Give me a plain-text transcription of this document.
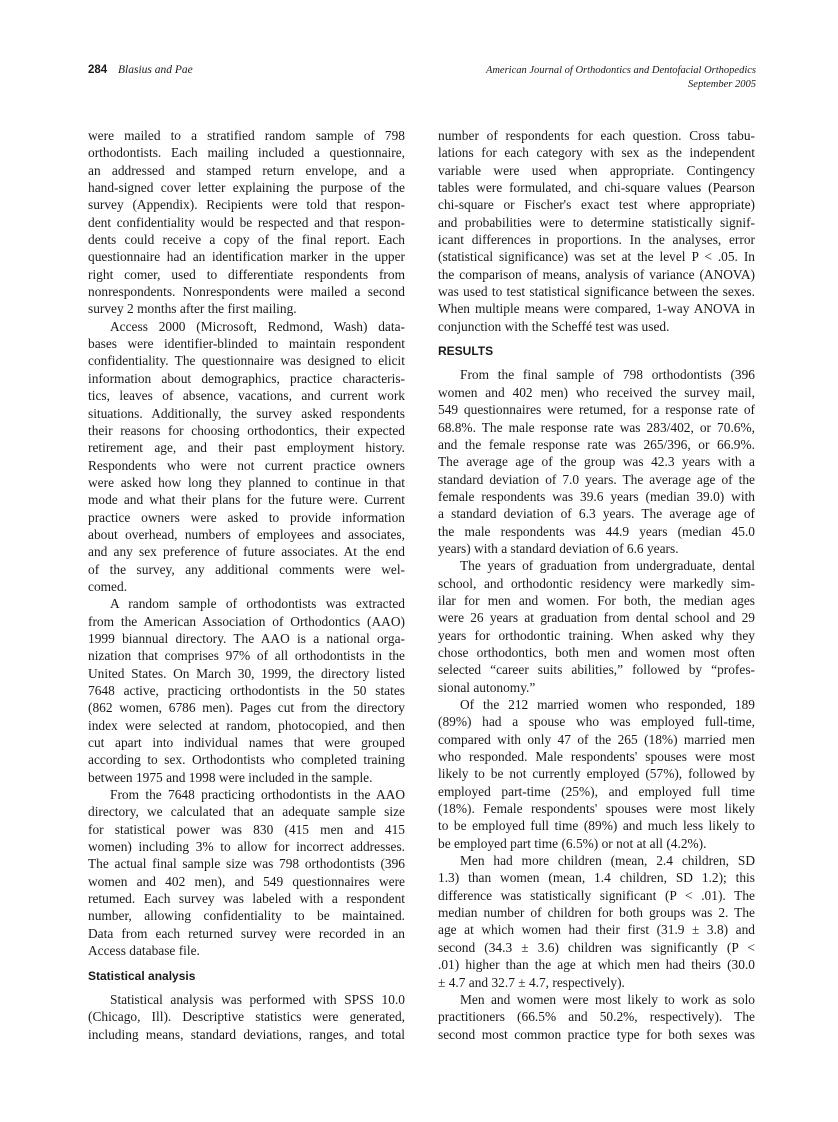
284 Blasius and Pae	American Journal of Orthodontics and Dentofacial Orthopedics
September 2005
were mailed to a stratified random sample of 798
orthodontists. Each mailing included a questionnaire,
an addressed and stamped return envelope, and a
hand-signed cover letter explaining the purpose of the
survey (Appendix). Recipients were told that respon-
dent confidentiality would be respected and that respon-
dents could receive a copy of the final report. Each
questionnaire had an identification marker in the upper
right comer, used to differentiate respondents from
nonrespondents. Nonrespondents were mailed a second
survey 2 months after the first mailing.
Access 2000 (Microsoft, Redmond, Wash) data-
bases were identifier-blinded to maintain respondent
confidentiality. The questionnaire was designed to elicit
information about demographics, practice characteris-
tics, leaves of absence, vacations, and current work
situations. Additionally, the survey asked respondents
their reasons for choosing orthodontics, their expected
retirement age, and their past employment history.
Respondents who were not current practice owners
were asked how long they planned to continue in that
mode and what their plans for the future were. Current
practice owners were asked to provide information
about overhead, numbers of employees and associates,
and any sex preference of future associates. At the end
of the survey, any additional comments were wel-
comed.
A random sample of orthodontists was extracted
from the American Association of Orthodontics (AAO)
1999 biannual directory. The AAO is a national orga-
nization that comprises 97% of all orthodontists in the
United States. On March 30, 1999, the directory listed
7648 active, practicing orthodontists in the 50 states
(862 women, 6786 men). Pages cut from the directory
index were selected at random, photocopied, and then
cut apart into individual names that were grouped
according to sex. Orthodontists who completed training
between 1975 and 1998 were included in the sample.
From the 7648 practicing orthodontists in the AAO
directory, we calculated that an adequate sample size
for statistical power was 830 (415 men and 415
women) including 3% to allow for incorrect addresses.
The actual final sample size was 798 orthodontists (396
women and 402 men), and 549 questionnaires were
retumed. Each survey was labeled with a respondent
number, allowing confidentiality to be maintained.
Data from each returned survey were recorded in an
Access database file.
Statistical analysis
Statistical analysis was performed with SPSS 10.0
(Chicago, Ill). Descriptive statistics were generated,
including means, standard deviations, ranges, and total
number of respondents for each question. Cross tabu-
lations for each category with sex as the independent
variable were used when appropriate. Contingency
tables were formulated, and chi-square values (Pearson
chi-square or Fischer's exact test where appropriate)
and probabilities were to determine statistically signif-
icant differences in proportions. In the analyses, error
(statistical significance) was set at the level P < .05. In
the comparison of means, analysis of variance (ANOVA)
was used to test statistical significance between the sexes.
When multiple means were compared, 1-way ANOVA in
conjunction with the Scheffé test was used.
RESULTS
From the final sample of 798 orthodontists (396
women and 402 men) who received the survey mail,
549 questionnaires were retumed, for a response rate of
68.8%. The male response rate was 283/402, or 70.6%,
and the female response rate was 265/396, or 66.9%.
The average age of the group was 42.3 years with a
standard deviation of 7.0 years. The average age of the
female respondents was 39.6 years (median 39.0) with
a standard deviation of 6.3 years. The average age of
the male respondents was 44.9 years (median 45.0
years) with a standard deviation of 6.6 years.
The years of graduation from undergraduate, dental
school, and orthodontic residency were markedly sim-
ilar for men and women. For both, the median ages
were 26 years at graduation from dental school and 29
years for orthodontic training. When asked why they
chose orthodontics, both men and women most often
selected “career suits abilities,” followed by “profes-
sional autonomy.”
Of the 212 married women who responded, 189
(89%) had a spouse who was employed full-time,
compared with only 47 of the 265 (18%) married men
who responded. Male respondents' spouses were most
likely to be not currently employed (57%), followed by
employed part-time (25%), and employed full time
(18%). Female respondents' spouses were most likely
to be employed full time (89%) and much less likely to
be employed part time (6.5%) or not at all (4.2%).
Men had more children (mean, 2.4 children, SD
1.3) than women (mean, 1.4 children, SD 1.2); this
difference was statistically significant (P < .01). The
median number of children for both groups was 2. The
age at which women had their first (31.9 ± 3.8) and
second (34.3 ± 3.6) children was significantly (P <
.01) higher than the age at which men had theirs (30.0
± 4.7 and 32.7 ± 4.7, respectively).
Men and women were most likely to work as solo
practitioners (66.5% and 50.2%, respectively). The
second most common practice type for both sexes was
